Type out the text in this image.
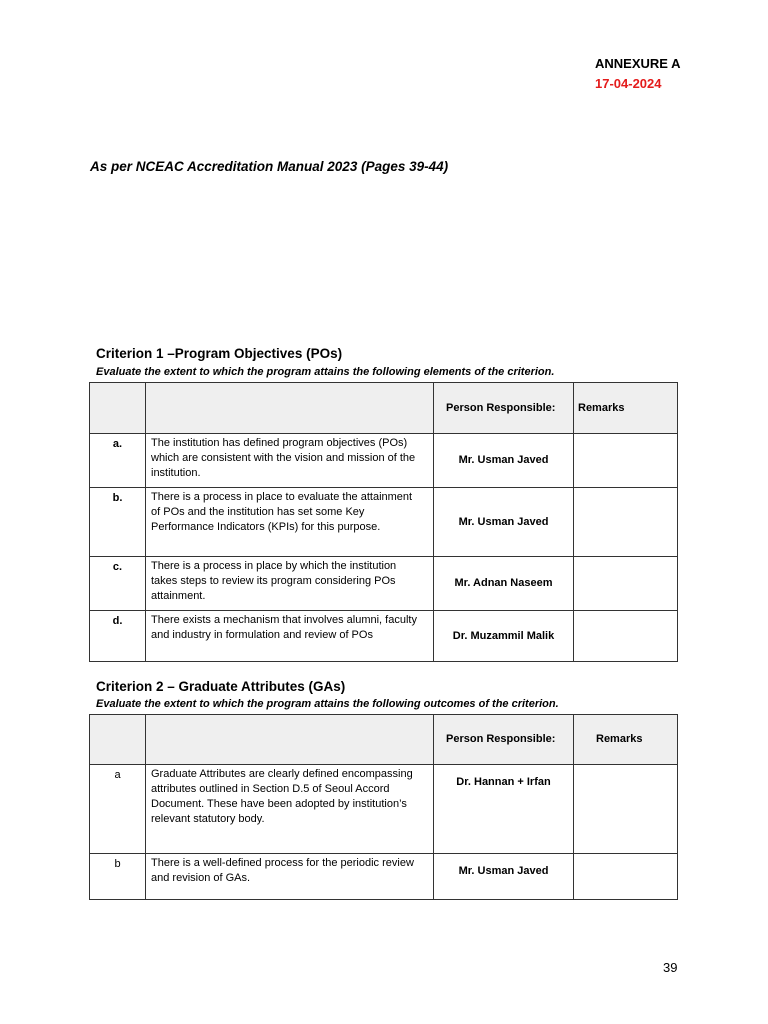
ANNEXURE A
17-04-2024
As per NCEAC Accreditation Manual 2023 (Pages 39-44)
Criterion 1 –Program Objectives (POs)
Evaluate the extent to which the program attains the following elements of the criterion.
		Person Responsible:	Remarks
a.	The institution has defined program objectives (POs) which are consistent with the vision and mission of the institution.	Mr. Usman Javed	
b.	There is a process in place to evaluate the attainment of POs and the institution has set some Key Performance Indicators (KPIs) for this purpose.	Mr. Usman Javed	
c.	There is a process in place by which the institution takes steps to review its program considering POs attainment.	Mr. Adnan Naseem	
d.	There exists a mechanism that involves alumni, faculty and industry in formulation and review of POs	Dr. Muzammil Malik	
Criterion 2 – Graduate Attributes (GAs)
Evaluate the extent to which the program attains the following outcomes of the criterion.
		Person Responsible:	Remarks
a	Graduate Attributes are clearly defined encompassing attributes outlined in Section D.5 of Seoul Accord Document. These have been adopted by institution’s relevant statutory body.	Dr. Hannan + Irfan	
b	There is a well-defined process for the periodic review and revision of GAs.	Mr. Usman Javed	
39
